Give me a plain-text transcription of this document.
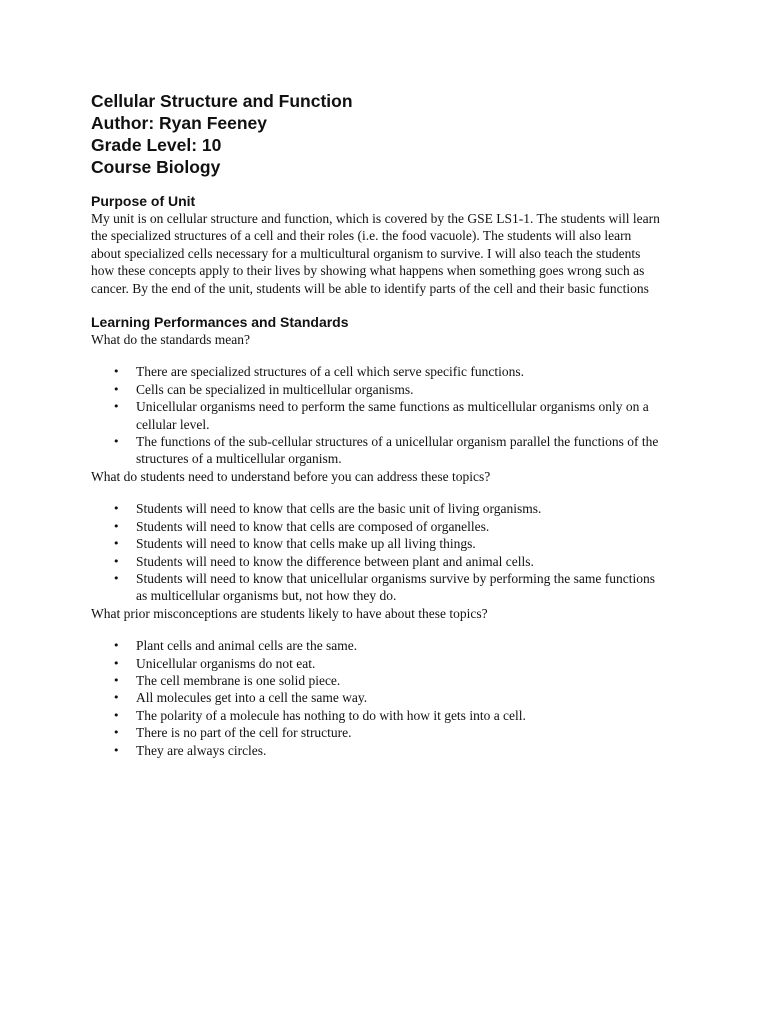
Cellular Structure and Function
Author: Ryan Feeney
Grade Level: 10
Course Biology
Purpose of Unit

My unit is on cellular structure and function, which is covered by the GSE LS1-1. The students will learn the specialized structures of a cell and their roles (i.e. the food vacuole). The students will also learn about specialized cells necessary for a multicultural organism to survive. I will also teach the students how these concepts apply to their lives by showing what happens when something goes wrong such as cancer. By the end of the unit, students will be able to identify parts of the cell and their basic functions

Learning Performances and Standards

What do the standards mean?

• There are specialized structures of a cell which serve specific functions.
• Cells can be specialized in multicellular organisms.
• Unicellular organisms need to perform the same functions as multicellular organisms only on a cellular level.
• The functions of the sub-cellular structures of a unicellular organism parallel the functions of the structures of a multicellular organism.

What do students need to understand before you can address these topics?

• Students will need to know that cells are the basic unit of living organisms.
• Students will need to know that cells are composed of organelles.
• Students will need to know that cells make up all living things.
• Students will need to know the difference between plant and animal cells.
• Students will need to know that unicellular organisms survive by performing the same functions as multicellular organisms but, not how they do.

What prior misconceptions are students likely to have about these topics?

• Plant cells and animal cells are the same.
• Unicellular organisms do not eat.
• The cell membrane is one solid piece.
• All molecules get into a cell the same way.
• The polarity of a molecule has nothing to do with how it gets into a cell.
• There is no part of the cell for structure.
• They are always circles.
